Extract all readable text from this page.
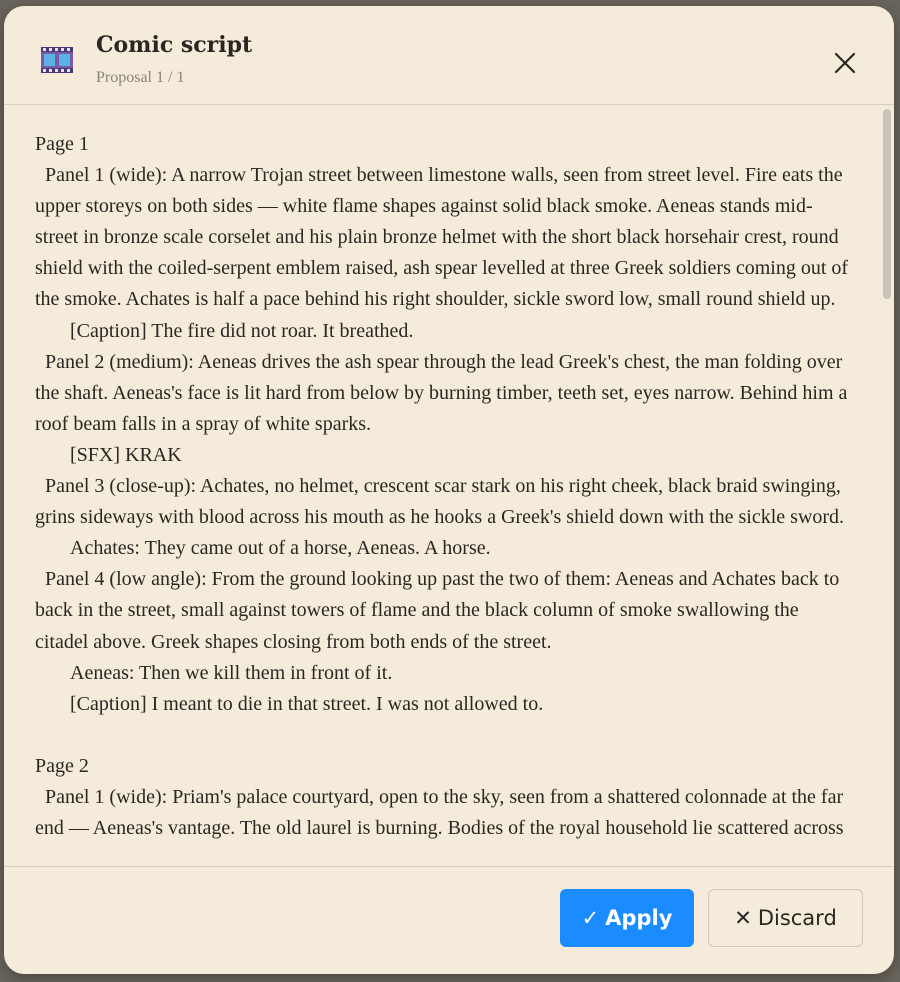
Comic script
Proposal 1 / 1
Page 1
Panel 1 (wide): A narrow Trojan street between limestone walls, seen from street level. Fire eats the upper storeys on both sides — white flame shapes against solid black smoke. Aeneas stands mid-street in bronze scale corselet and his plain bronze helmet with the short black horsehair crest, round shield with the coiled-serpent emblem raised, ash spear levelled at three Greek soldiers coming out of the smoke. Achates is half a pace behind his right shoulder, sickle sword low, small round shield up.
[Caption] The fire did not roar. It breathed.
Panel 2 (medium): Aeneas drives the ash spear through the lead Greek's chest, the man folding over the shaft. Aeneas's face is lit hard from below by burning timber, teeth set, eyes narrow. Behind him a roof beam falls in a spray of white sparks.
[SFX] KRAK
Panel 3 (close-up): Achates, no helmet, crescent scar stark on his right cheek, black braid swinging, grins sideways with blood across his mouth as he hooks a Greek's shield down with the sickle sword.
Achates: They came out of a horse, Aeneas. A horse.
Panel 4 (low angle): From the ground looking up past the two of them: Aeneas and Achates back to back in the street, small against towers of flame and the black column of smoke swallowing the citadel above. Greek shapes closing from both ends of the street.
Aeneas: Then we kill them in front of it.
[Caption] I meant to die in that street. I was not allowed to.

Page 2
Panel 1 (wide): Priam's palace courtyard, open to the sky, seen from a shattered colonnade at the far end — Aeneas's vantage. The old laurel is burning. Bodies of the royal household lie scattered across
✓ Apply	✕ Discard
